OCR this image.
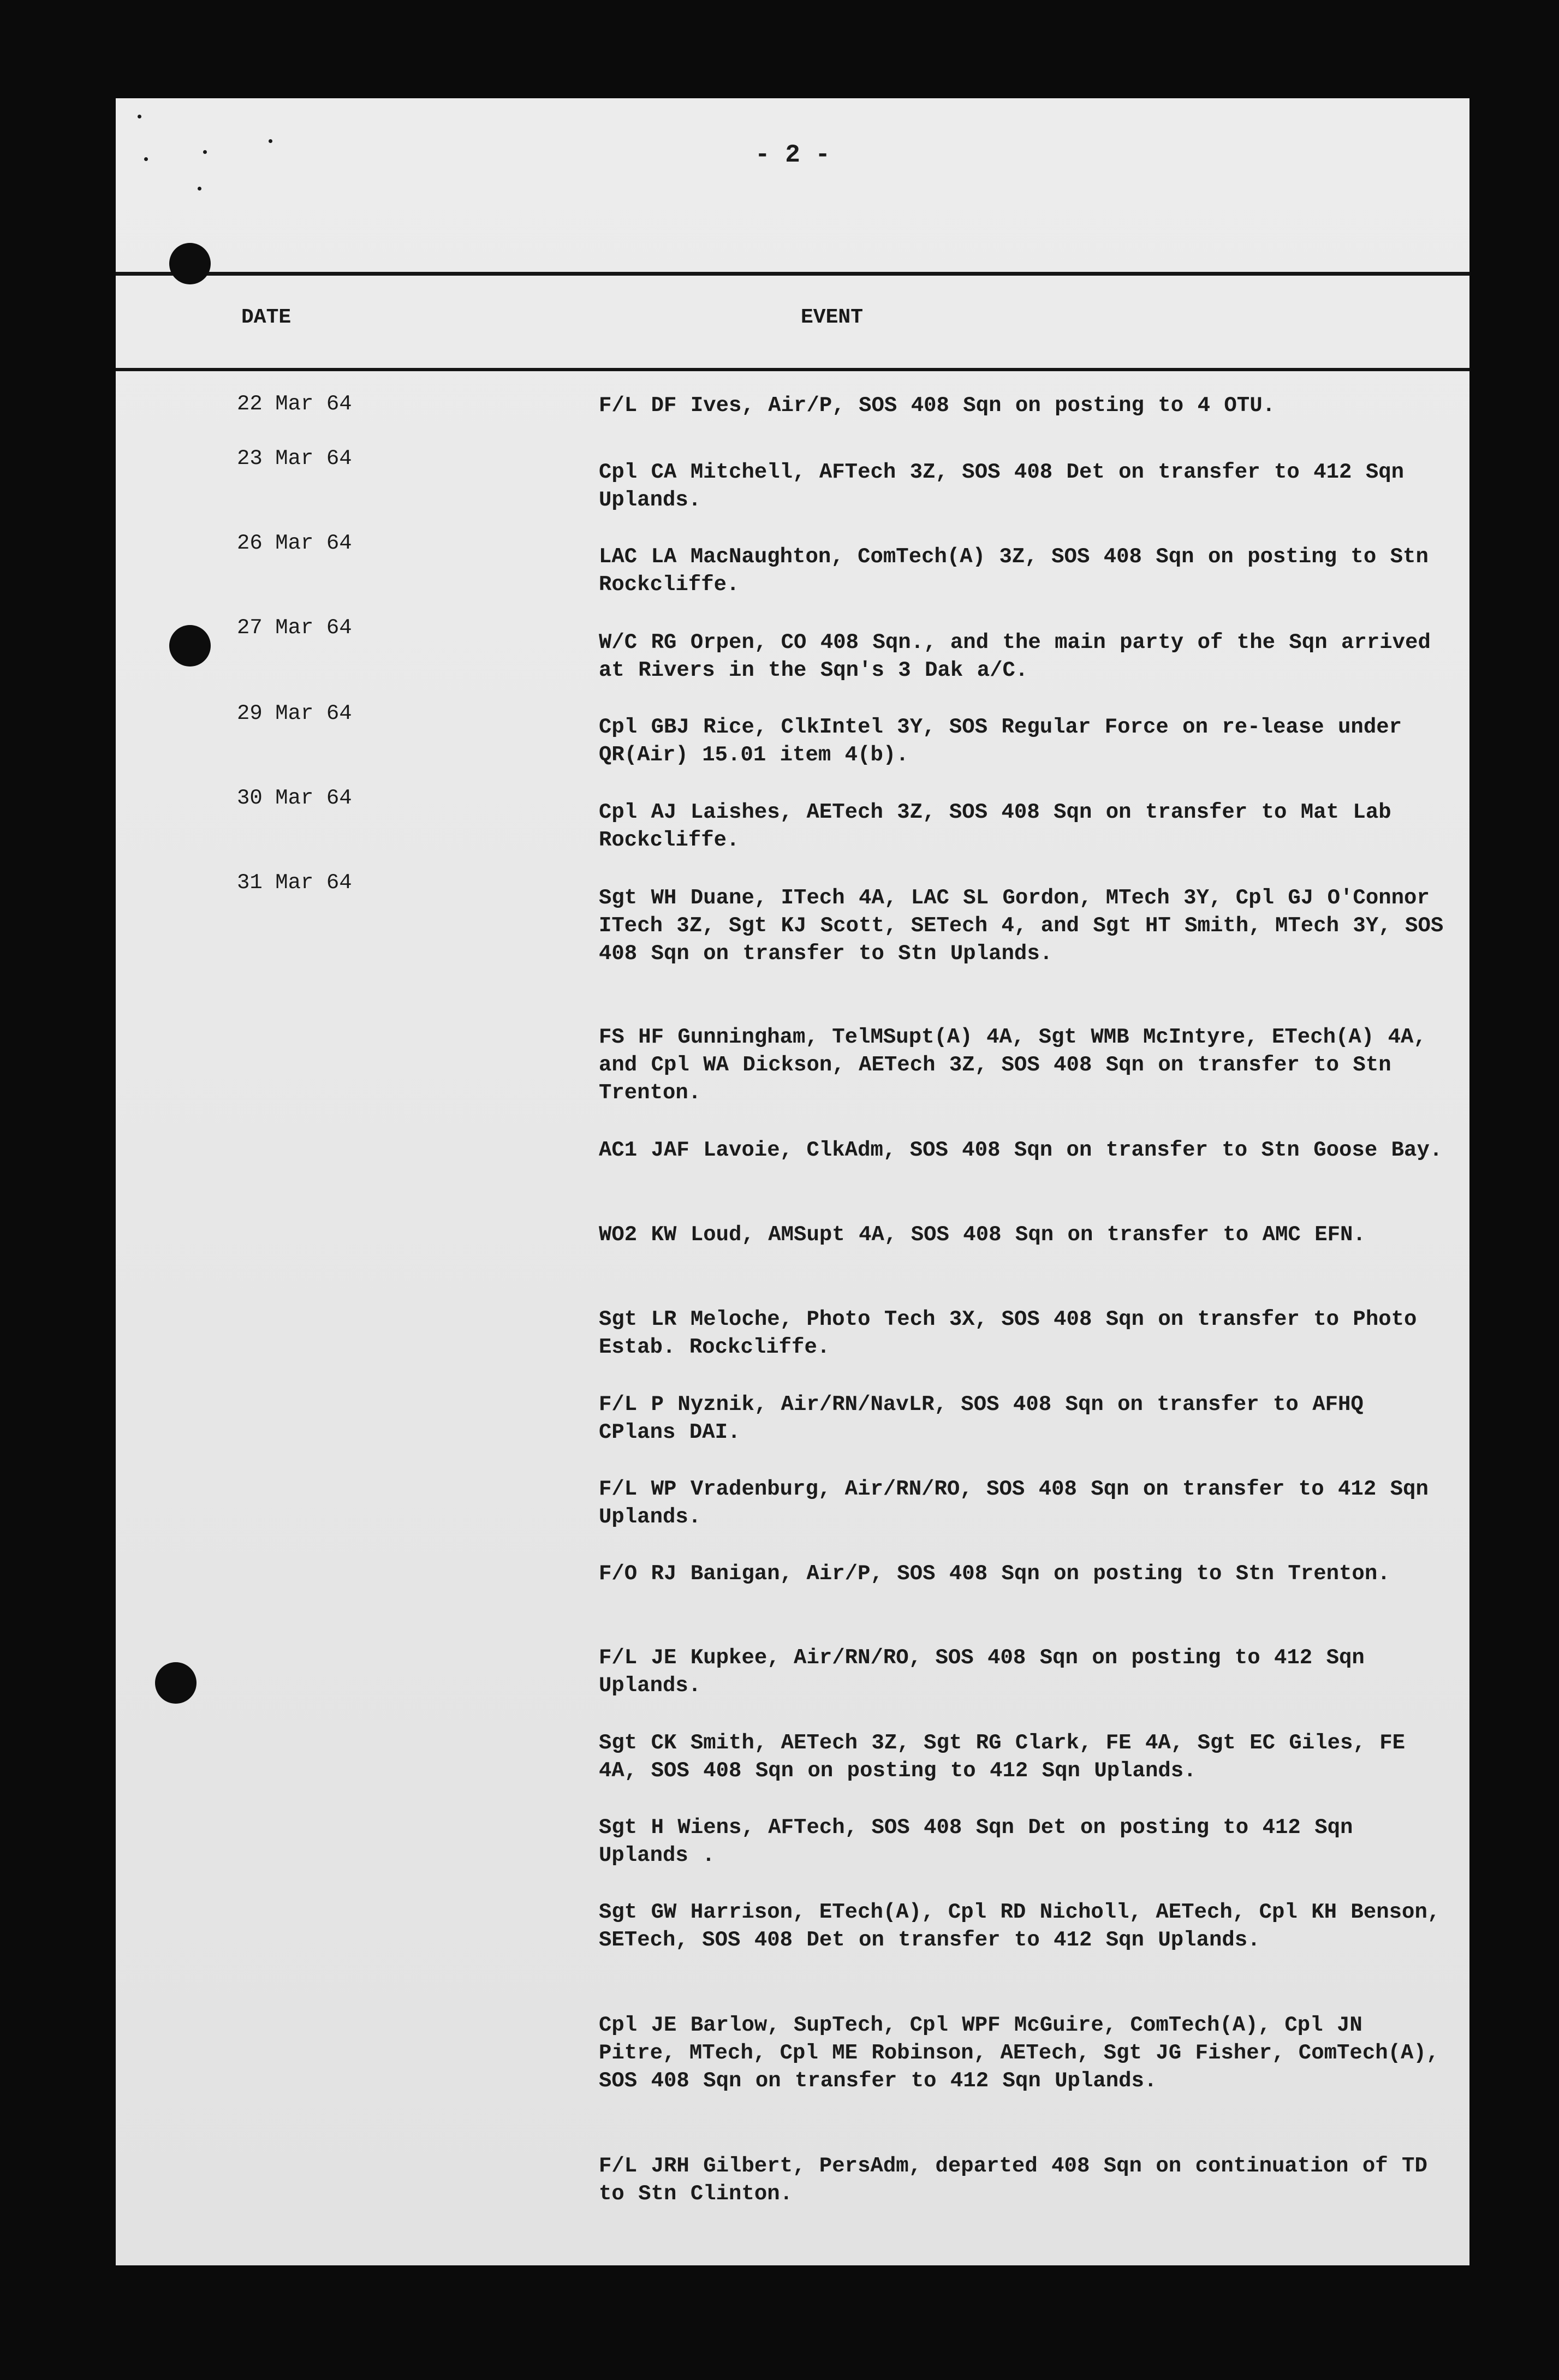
- 2 -
DATE	EVENT
22 Mar 64	F/L DF Ives, Air/P, SOS 408 Sqn on posting to 4 OTU.
23 Mar 64
Cpl CA Mitchell, AFTech 3Z, SOS 408 Det on transfer to 412 Sqn Uplands.
26 Mar 64
LAC LA MacNaughton, ComTech(A) 3Z, SOS 408 Sqn on posting to Stn Rockcliffe.
27 Mar 64
W/C RG Orpen, CO 408 Sqn., and the main party of the Sqn arrived at Rivers in the Sqn's 3 Dak a/C.
29 Mar 64
Cpl GBJ Rice, ClkIntel 3Y, SOS Regular Force on re-lease under QR(Air) 15.01 item 4(b).
30 Mar 64
Cpl AJ Laishes, AETech 3Z, SOS 408 Sqn on transfer to Mat Lab Rockcliffe.
31 Mar 64
Sgt WH Duane, ITech 4A, LAC SL Gordon, MTech 3Y, Cpl GJ O'Connor ITech 3Z, Sgt KJ Scott, SETech 4, and Sgt HT Smith, MTech 3Y, SOS 408 Sqn on transfer to Stn Uplands.
FS HF Gunningham, TelMSupt(A) 4A, Sgt WMB McIntyre, ETech(A) 4A, and Cpl WA Dickson, AETech 3Z, SOS 408 Sqn on transfer to Stn Trenton.
AC1 JAF Lavoie, ClkAdm, SOS 408 Sqn on transfer to Stn Goose Bay.
WO2 KW Loud, AMSupt 4A, SOS 408 Sqn on transfer to AMC EFN.
Sgt LR Meloche, Photo Tech 3X, SOS 408 Sqn on transfer to Photo Estab. Rockcliffe.
F/L P Nyznik, Air/RN/NavLR, SOS 408 Sqn on transfer to AFHQ CPlans DAI.
F/L WP Vradenburg, Air/RN/RO, SOS 408 Sqn on transfer to 412 Sqn Uplands.
F/O RJ Banigan, Air/P, SOS 408 Sqn on posting to Stn Trenton.
F/L JE Kupkee, Air/RN/RO, SOS 408 Sqn on posting to 412 Sqn Uplands.
Sgt CK Smith, AETech 3Z, Sgt RG Clark, FE 4A, Sgt EC Giles, FE 4A, SOS 408 Sqn on posting to 412 Sqn Uplands.
Sgt H Wiens, AFTech, SOS 408 Sqn Det on posting to 412 Sqn Uplands .
Sgt GW Harrison, ETech(A), Cpl RD Nicholl, AETech, Cpl KH Benson, SETech, SOS 408 Det on transfer to 412 Sqn Uplands.
Cpl JE Barlow, SupTech, Cpl WPF McGuire, ComTech(A), Cpl JN Pitre, MTech, Cpl ME Robinson, AETech, Sgt JG Fisher, ComTech(A), SOS 408 Sqn on transfer to 412 Sqn Uplands.
F/L JRH Gilbert, PersAdm, departed 408 Sqn on continuation of TD to Stn Clinton.
